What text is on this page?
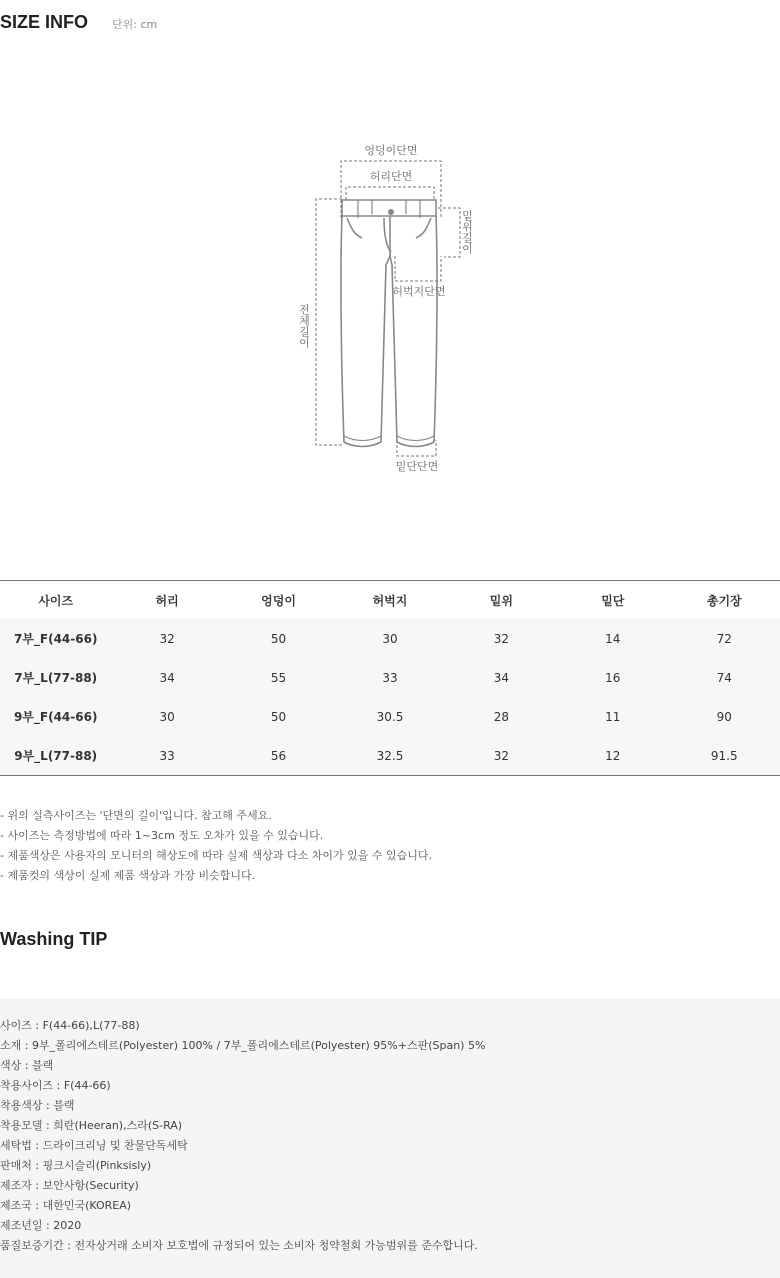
SIZE INFO 단위: cm
엉덩이단면
허리단면
밑위길이
전체길이
허벅지단면
밑단단면
사이즈	허리	엉덩이	허벅지	밑위	밑단	총기장
7부_F(44-66)	32	50	30	32	14	72
7부_L(77-88)	34	55	33	34	16	74
9부_F(44-66)	30	50	30.5	28	11	90
9부_L(77-88)	33	56	32.5	32	12	91.5
- 위의 실측사이즈는 '단면의 길이'입니다. 참고해 주세요.
- 사이즈는 측정방법에 따라 1~3cm 정도 오차가 있을 수 있습니다.
- 제품색상은 사용자의 모니터의 해상도에 따라 실제 색상과 다소 차이가 있을 수 있습니다.
- 제품컷의 색상이 실제 제품 색상과 가장 비슷합니다.
Washing TIP
사이즈 : F(44-66),L(77-88)
소재 : 9부_폴리에스테르(Polyester) 100% / 7부_폴리에스테르(Polyester) 95%+스판(Span) 5%
색상 : 블랙
착용사이즈 : F(44-66)
착용색상 : 블랙
착용모델 : 희란(Heeran),스라(S-RA)
세탁법 : 드라이크리닝 및 찬물단독세탁
판매처 : 핑크시슬리(Pinksisly)
제조자 : 보안사항(Security)
제조국 : 대한민국(KOREA)
제조년일 : 2020
품질보증기간 : 전자상거래 소비자 보호법에 규정되어 있는 소비자 청약철회 가능범위를 준수합니다.
